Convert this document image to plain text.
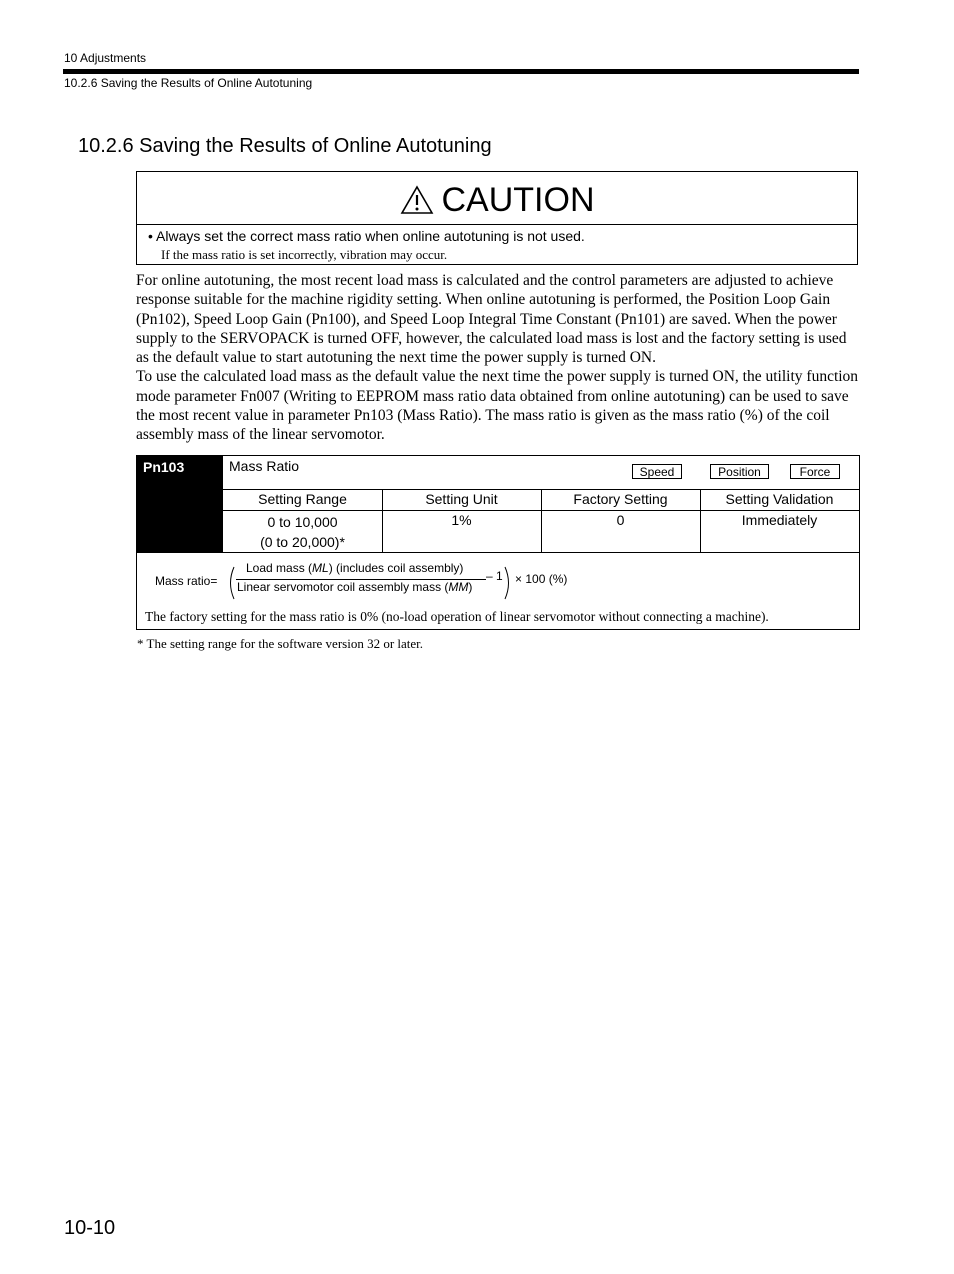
10 Adjustments
10.2.6 Saving the Results of Online Autotuning
10.2.6 Saving the Results of Online Autotuning
CAUTION
• Always set the correct mass ratio when online autotuning is not used.
If the mass ratio is set incorrectly, vibration may occur.

For online autotuning, the most recent load mass is calculated and the control parameters are adjusted to achieve response suitable for the machine rigidity setting. When online autotuning is performed, the Position Loop Gain (Pn102), Speed Loop Gain (Pn100), and Speed Loop Integral Time Constant (Pn101) are saved. When the power supply to the SERVOPACK is turned OFF, however, the calculated load mass is lost and the factory setting is used as the default value to start autotuning the next time the power supply is turned ON.

To use the calculated load mass as the default value the next time the power supply is turned ON, the utility function mode parameter Fn007 (Writing to EEPROM mass ratio data obtained from online autotuning) can be used to save the most recent value in parameter Pn103 (Mass Ratio). The mass ratio is given as the mass ratio (%) of the coil assembly mass of the linear servomotor.

Pn103	Mass Ratio	Speed	Position	Force
Setting Range	Setting Unit	Factory Setting	Setting Validation
0 to 10,000
(0 to 20,000)*
1%	0	Immediately
Mass ratio=
Load mass (ML) (includes coil assembly)
Linear servomotor coil assembly mass (MM)
– 1 × 100 (%)
The factory setting for the mass ratio is 0% (no-load operation of linear servomotor without connecting a machine).
* The setting range for the software version 32 or later.
10-10
